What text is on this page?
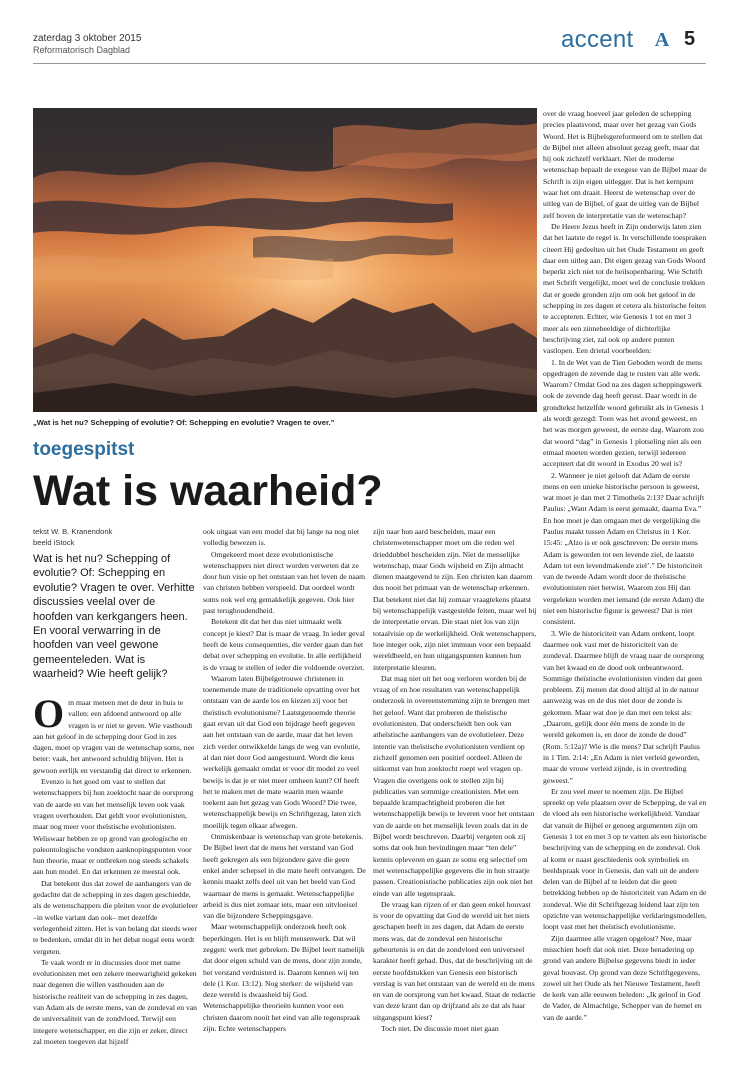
zaterdag 3 oktober 2015
Reformatorisch Dagblad	accent A 5
„Wat is het nu? Schepping of evolutie? Of: Schepping en evolutie? Vragen te over.”
toegespitst
Wat is waarheid?
tekst W. B. Kranendonk
beeld iStock
Wat is het nu? Schepping of evolutie? Of: Schepping en evolutie? Vragen te over. Verhitte discussies veelal over de hoofden van kerkgangers heen. En vooral verwarring in de hoofden van veel gewone gemeenteleden. Wat is waarheid? Wie heeft gelijk?

Om maar meteen met de deur in huis te vallen: een afdoend antwoord op alle vragen is er niet te geven. Wie vasthoudt aan het geloof in de schepping door God in zes dagen, moet op vragen van de wetenschap soms, nee beter: vaak, het antwoord schuldig blijven. Het is gewoon eerlijk en verstandig dat direct te erkennen.

Evenzo is het goed om vast te stellen dat wetenschappers bij hun zoektocht naar de oorsprong van de aarde en van het menselijk leven ook vaak vragen overhouden. Dat geldt voor evolutionisten, maar nog meer voor theïstische evolutionisten. Weliswaar hebben ze op grond van geologische en paleontologische vondsten aanknopingspunten voor hun theorie, maar er ontbreken nog steeds schakels aan hun model. En dat erkennen ze meestal ook.

Dat betekent dus dat zowel de aanhangers van de gedachte dat de schepping in zes dagen geschiedde, als de wetenschappers die pleiten voor de evolutieleer –in welke variant dan ook– met dezelfde verlegenheid zitten. Het is van belang dat steeds weer te bedenken, omdat dit in het debat nogal eens wordt vergeten.

Te vaak wordt er in discussies door met name evolutionisten met een zekere meewarigheid gekeken naar degenen die willen vasthouden aan de historische realiteit van de schepping in zes dagen, van Adam als de eerste mens, van de zondeval en van de universaliteit van de zondvloed. Terwijl een integere wetenschapper, en die zijn er zeker, direct zal moeten toegeven dat hijzelf

ook uitgaat van een model dat bij lange na nog niet volledig bewezen is.

Omgekeerd moet deze evolutionistische wetenschappers niet direct worden verweten dat ze door hun visie op het ontstaan van het leven de naam van christen hebben verspeeld. Dat oordeel wordt soms ook wel erg gemakkelijk gegeven. Ook hier past terughoudendheid.

Betekent dit dat het dus niet uitmaakt welk concept je kiest? Dat is maar de vraag. In ieder geval heeft de keus consequenties, die verder gaan dan het debat over schepping en evolutie. In alle eerlijkheid is de vraag te stellen of ieder die voldoende overziet.

Waarom laten Bijbelgetrouwe christenen in toenemende mate de traditionele opvatting over het ontstaan van de aarde los en kiezen zij voor het theïstisch evolutionisme? Laatstgenoemde theorie gaat ervan uit dat God een bijdrage heeft gegeven aan het ontstaan van de aarde, maar dat het leven zich verder ontwikkelde langs de weg van evolutie, al dan niet door God aangestuurd. Wordt die keus werkelijk gemaakt omdat er voor dit model zo veel bewijs is dat je er niet meer omheen kunt? Of heeft het te maken met de mate waarin men waarde toekent aan het gezag van Gods Woord? Die twee, wetenschappelijk bewijs en Schriftgezag, laten zich moeilijk tegen elkaar afwegen.

Onmiskenbaar is wetenschap van grote betekenis. De Bijbel leert dat de mens het verstand van God heeft gekregen als een bijzondere gave die geen enkel ander schepsel in die mate heeft ontvangen. De kennis maakt zelfs deel uit van het beeld van God waarnaar de mens is gemaakt. Wetenschappelijke arbeid is dus niet zomaar iets, maar een uitvloeisel van die bijzondere Scheppingsgave.

Maar wetenschappelijk onderzoek heeft ook beperkingen. Het is en blijft mensenwerk. Dat wil zeggen: werk met gebreken. De Bijbel leert namelijk dat door eigen schuld van de mens, door zijn zonde, het verstand verduisterd is. Daarom kennen wij ten dele (1 Kor. 13:12). Nog sterker: de wijsheid van deze wereld is dwaasheid bij God. Wetenschappelijke theorieën kunnen voor een christen daarom nooit het eind van alle tegenspraak zijn. Echte wetenschappers

zijn naar hun aard bescheiden, maar een christenwetenschapper moet om die reden wel drieddubbel bescheiden zijn. Niet de menselijke wetenschap, maar Gods wijsheid en Zijn almacht dienen maatgevend te zijn. Een christen kan daarom dus nooit het primaat van de wetenschap erkennen. Dat betekent niet dat hij zomaar vraagtekens plaatst bij wetenschappelijk vastgestelde feiten, maar wel bij de interpretatie ervan. Die staat niet los van zijn totaalvisie op de werkelijkheid. Ook wetenschappers, hoe integer ook, zijn niet immuun voor een bepaald wereldbeeld, en hun uitgangspunten kunnen hun interpretatie kleuren.

Dat mag niet uit het oog verloren worden bij de vraag of en hoe resultaten van wetenschappelijk onderzoek in overeenstemming zijn te brengen met het geloof. Want dat proberen de theïstische evolutionisten. Dat onderscheidt hen ook van atheïstische aanhangers van de evolutieleer. Deze intentie van theïstische evolutionisten verdient op zichzelf genomen een positief oordeel. Alleen de uitkomst van hun zoektocht roept wel vragen op. Vragen die overigens ook te stellen zijn bij publicaties van sommige creationisten. Met een bepaalde krampachtigheid proberen die het wetenschappelijk bewijs te leveren voor het ontstaan van de aarde en het menselijk leven zoals dat in de Bijbel wordt beschreven. Daarbij vergeten ook zij soms dat ook hun bevindingen maar “ten dele” kennis opleveren en gaan ze soms erg selectief om met wetenschappelijke gegevens die in hun straatje passen. Creationistische publicaties zijn ook niet het einde van alle tegenspraak.

De vraag kan rijzen of er dan geen enkel houvast is voor de opvatting dat God de wereld uit het niets geschapen heeft in zes dagen, dat Adam de eerste mens was, dat de zondeval een historische gebeurtenis is en dat de zondvloed een universeel karakter heeft gehad. Dus, dat de beschrijving uit de eerste hoofdstukken van Genesis een historisch verslag is van het ontstaan van de wereld en de mens en van de oorsprong van het kwaad. Staat de redactie van deze krant dan op drijfzand als ze dat als haar uitgangspunt kiest?

Toch niet. De discussie moet niet gaan

over de vraag hoeveel jaar geleden de schepping precies plaatsvond, maar over het gezag van Gods Woord. Het is Bijbelsgereformeerd om te stellen dat de Bijbel niet alleen absoluut gezag geeft, maar dat hij ook zichzelf verklaart. Niet de moderne wetenschap bepaalt de exegese van de Bijbel maar de Schrift is zijn eigen uitlegger. Dat is het kernpunt waar het om draait. Heerst de wetenschap over de uitleg van de Bijbel, of gaat de uitleg van de Bijbel zelf boven de interpretatie van de wetenschap?

De Heere Jezus heeft in Zijn onderwijs laten zien dat het laatste de regel is. In verschillende toespraken citeert Hij gedeelten uit het Oude Testament en geeft daar een uitleg aan. Dit eigen gezag van Gods Woord beperkt zich niet tot de heilsopenbaring. Wie Schrift met Schrift vergelijkt, moet wel de conclusie trekken dat er goede gronden zijn om ook het geloof in de schepping in zes dagen et cetera als historische feiten te accepteren. Echter, wie Genesis 1 tot en met 3 meer als een zinnebeeldige of dichterlijke beschrijving ziet, zal ook op andere punten vastlopen. Een drietal voorbeelden:

1. In de Wet van de Tien Geboden wordt de mens opgedragen de zevende dag te rusten van alle werk. Waarom? Omdat God na zes dagen scheppingswerk ook de zevende dag heeft gerust. Daar wordt in de grondtekst hetzelfde woord gebruikt als in Genesis 1 als wordt gezegd: Toen was het avond geweest, en het was morgen geweest, de eerste dag. Waarom zou dat woord “dag” in Genesis 1 plotseling niet als een etmaal moeten worden gezien, terwijl iedereen accepteert dat dit woord in Exodus 20 wel is?

2. Wanneer je niet gelooft dat Adam de eerste mens en een unieke historische persoon is geweest, wat moet je dan met 2 Timotheüs 2:13? Daar schrijft Paulus: „Want Adam is eerst gemaakt, daarna Eva.” En hoe moet je dan omgaan met de vergelijking die Paulus maakt tussen Adam en Christus in 1 Kor. 15:45: „Alzo is er ook geschreven: De eerste mens Adam is geworden tot een levende ziel, de laatste Adam tot een levendmakende zielʼ.” De historiciteit van de tweede Adam wordt door de theïstische evolutionisten niet betwist. Waarom zou Hij dan vergeleken worden met iemand (de eerste Adam) die niet een historische figuur is geweest? Dat is niet consistent.

3. Wie de historiciteit van Adam ontkent, loopt daarmee ook vast met de historiciteit van de zondeval. Daarmee blijft de vraag naar de oorsprong van het kwaad en de dood ook onbeantwoord. Sommige theïstische evolutionisten vinden dat geen probleem. Zij menen dat dood altijd al in de natuur aanwezig was en de dus niet door de zonde is gekomen. Maar wat doe je dan met een tekst als: „Daarom, gelijk door één mens de zonde in de wereld gekomen is, en door de zonde de dood” (Rom. 5:12a)? Wie is die mens? Dat schrijft Paulus in 1 Tim. 2:14: „En Adam is niet verleid geworden, maar de vrouw verleid zijnde, is in overtreding geweest.”

Er zou veel meer te noemen zijn. De Bijbel spreekt op vele plaatsen over de Schepping, de val en de vloed als een historische werkelijkheid. Vandaar dat vanuit de Bijbel er genoeg argumenten zijn om Genesis 1 tot en met 3 op te vatten als een historische beschrijving van de schepping en de zondeval. Ook al komt er naast geschiedenis ook symboliek en beeldspraak voor in Genesis, dan valt uit de andere delen van de Bijbel af te leiden dat die geen betrekking hebben op de historiciteit van Adam en de zondeval. Wie dit Schriftgezag leidend laat zijn ten opzichte van wetenschappelijke verklaringsmodellen, loopt vast met het theïstisch evolutionisme.

Zijn daarmee alle vragen opgelost? Nee, maar misschien hoeft dat ook niet. Deze benadering op grond van andere Bijbelse gegevens biedt in ieder geval houvast. Op grond van deze Schriftgegevens, zowel uit het Oude als het Nieuwe Testament, heeft de kerk van alle eeuwen beleden: „Ik geloof in God de Vader, de Almachtige, Schepper van de hemel en van de aarde.”
